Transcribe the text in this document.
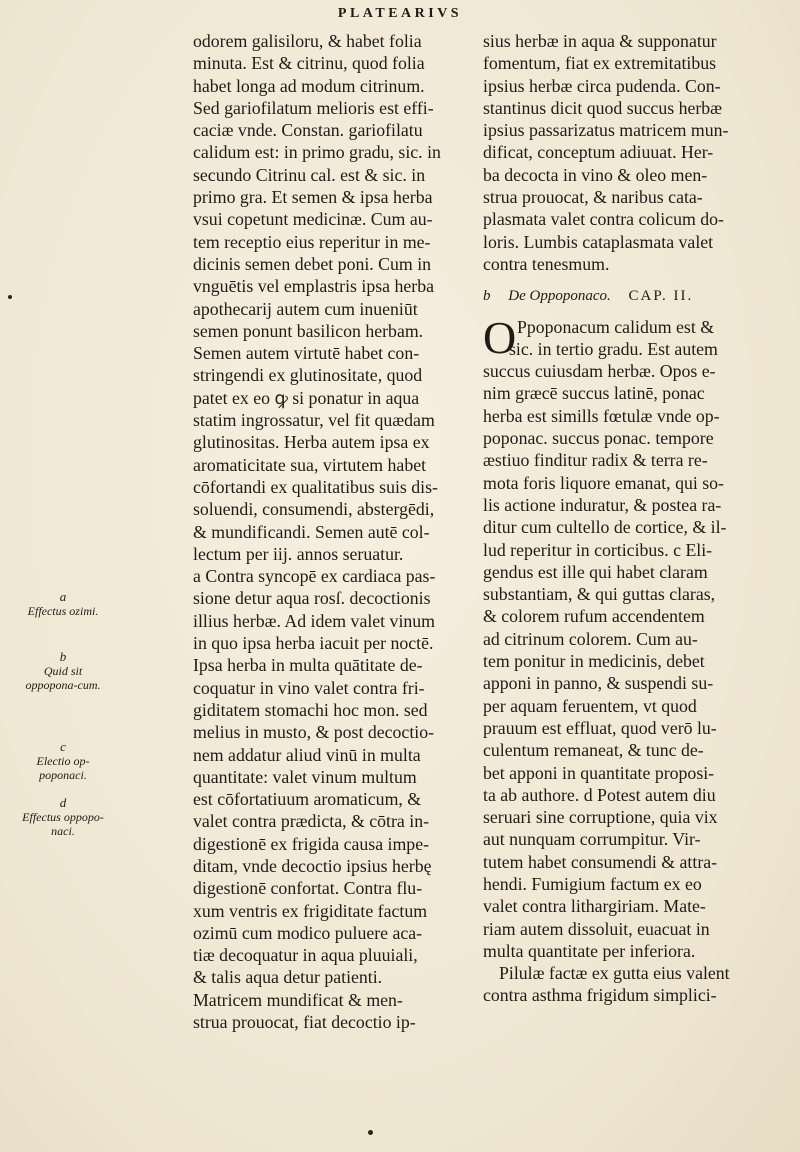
PLATEARIVS
a
Effectus ozimi.
b
Quid sit oppopona-cum.
c
Electio op-poponaci.
d
Effectus oppopo-naci.
odorem galisiloru, & habet folia
minuta. Est & citrinu, quod folia
habet longa ad modum citrinum.
Sed gariofilatum melioris est effi-
caciæ vnde. Constan. gariofilatu
calidum est: in primo gradu, sic. in
secundo Citrinu cal. est & sic. in
primo gra. Et semen & ipsa herba
vsui copetunt medicinæ. Cum au-
tem receptio eius reperitur in me-
dicinis semen debet poni. Cum in
vnguētis vel emplastris ipsa herba
apothecarij autem cum inueniūt
semen ponunt basilicon herbam.
Semen autem virtutē habet con-
stringendi ex glutinositate, quod
patet ex eo ꝙ si ponatur in aqua
statim ingrossatur, vel fit quædam
glutinositas. Herba autem ipsa ex
aromaticitate sua, virtutem habet
cōfortandi ex qualitatibus suis dis-
soluendi, consumendi, abstergēdi,
& mundificandi. Semen autē col-
lectum per iij. annos seruatur.
a Contra syncopē ex cardiaca pas-
sione detur aqua rosſ. decoctionis
illius herbæ. Ad idem valet vinum
in quo ipsa herba iacuit per noctē.
Ipsa herba in multa quātitate de-
coquatur in vino valet contra fri-
giditatem stomachi hoc mon. sed
melius in musto, & post decoctio-
nem addatur aliud vinū in multa
quantitate: valet vinum multum
est cōfortatiuum aromaticum, &
valet contra prædicta, & cōtra in-
digestionē ex frigida causa impe-
ditam, vnde decoctio ipsius herbę
digestionē confortat. Contra flu-
xum ventris ex frigiditate factum
ozimū cum modico puluere aca-
tiæ decoquatur in aqua pluuiali,
& talis aqua detur patienti.
Matricem mundificat & men-
strua prouocat, fiat decoctio ip-
sius herbæ in aqua & supponatur
fomentum, fiat ex extremitatibus
ipsius herbæ circa pudenda. Con-
stantinus dicit quod succus herbæ
ipsius passarizatus matricem mun-
dificat, conceptum adiuuat. Her-
ba decocta in vino & oleo men-
strua prouocat, & naribus cata-
plasmata valet contra colicum do-
loris. Lumbis cataplasmata valet
contra tenesmum.
b De Oppoponaco. CAP. II.
O Ppoponacum calidum est &
sic. in tertio gradu. Est autem
succus cuiusdam herbæ. Opos e-
nim græcē succus latinē, ponac
herba est simills fœtulæ vnde op-
poponac. succus ponac. tempore
æstiuo finditur radix & terra re-
mota foris liquore emanat, qui so-
lis actione induratur, & postea ra-
ditur cum cultello de cortice, & il-
lud reperitur in corticibus. c Eli-
gendus est ille qui habet claram
substantiam, & qui guttas claras,
& colorem rufum accendentem
ad citrinum colorem. Cum au-
tem ponitur in medicinis, debet
apponi in panno, & suspendi su-
per aquam feruentem, vt quod
prauum est effluat, quod verō lu-
culentum remaneat, & tunc de-
bet apponi in quantitate proposi-
ta ab authore. d Potest autem diu
seruari sine corruptione, quia vix
aut nunquam corrumpitur. Vir-
tutem habet consumendi & attra-
hendi. Fumigium factum ex eo
valet contra lithargiriam. Mate-
riam autem dissoluit, euacuat in
multa quantitate per inferiora.
Pilulæ factæ ex gutta eius valent
contra asthma frigidum simplici-
